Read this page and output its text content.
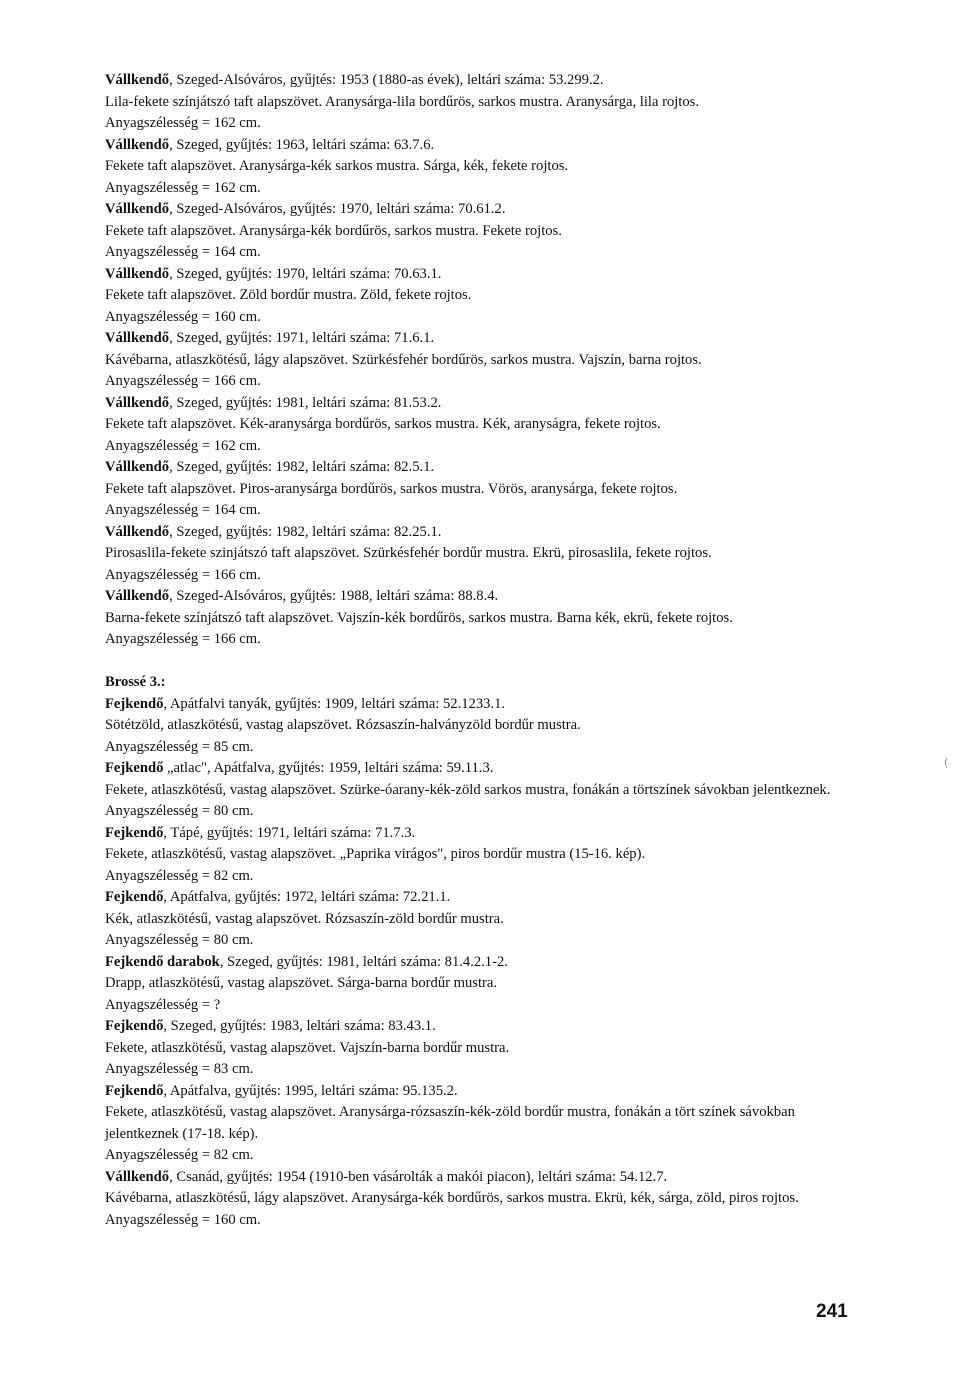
Vállkendő, Szeged-Alsóváros, gyűjtés: 1953 (1880-as évek), leltári száma: 53.299.2.

Lila-fekete színjátszó taft alapszövet. Aranysárga-lila bordűrös, sarkos mustra. Aranysárga, lila rojtos.

Anyagszélesség = 162 cm.

Vállkendő, Szeged, gyűjtés: 1963, leltári száma: 63.7.6.

Fekete taft alapszövet. Aranysárga-kék sarkos mustra. Sárga, kék, fekete rojtos.

Anyagszélesség = 162 cm.

Vállkendő, Szeged-Alsóváros, gyűjtés: 1970, leltári száma: 70.61.2.

Fekete taft alapszövet. Aranysárga-kék bordűrös, sarkos mustra. Fekete rojtos.

Anyagszélesség = 164 cm.

Vállkendő, Szeged, gyűjtés: 1970, leltári száma: 70.63.1.

Fekete taft alapszövet. Zöld bordűr mustra. Zöld, fekete rojtos.

Anyagszélesség = 160 cm.

Vállkendő, Szeged, gyűjtés: 1971, leltári száma: 71.6.1.

Kávébarna, atlaszkötésű, lágy alapszövet. Szürkésfehér bordűrös, sarkos mustra. Vajszín, barna rojtos.

Anyagszélesség = 166 cm.

Vállkendő, Szeged, gyűjtés: 1981, leltári száma: 81.53.2.

Fekete taft alapszövet. Kék-aranysárga bordűrös, sarkos mustra. Kék, aranyságra, fekete rojtos.

Anyagszélesség = 162 cm.

Vállkendő, Szeged, gyűjtés: 1982, leltári száma: 82.5.1.

Fekete taft alapszövet. Piros-aranysárga bordűrös, sarkos mustra. Vörös, aranysárga, fekete rojtos.

Anyagszélesség = 164 cm.

Vállkendő, Szeged, gyűjtés: 1982, leltári száma: 82.25.1.

Pirosaslila-fekete szinjátszó taft alapszövet. Szürkésfehér bordűr mustra. Ekrü, pirosaslila, fekete rojtos.

Anyagszélesség = 166 cm.

Vállkendő, Szeged-Alsóváros, gyűjtés: 1988, leltári száma: 88.8.4.

Barna-fekete színjátszó taft alapszövet. Vajszín-kék bordűrös, sarkos mustra. Barna kék, ekrü, fekete rojtos.

Anyagszélesség = 166 cm.

Brossé 3.:

Fejkendő, Apátfalvi tanyák, gyűjtés: 1909, leltári száma: 52.1233.1.

Sötétzöld, atlaszkötésű, vastag alapszövet. Rózsaszín-halványzöld bordűr mustra.

Anyagszélesség = 85 cm.

Fejkendő „atlac", Apátfalva, gyűjtés: 1959, leltári száma: 59.11.3.

Fekete, atlaszkötésű, vastag alapszövet. Szürke-óarany-kék-zöld sarkos mustra, fonákán a törtszínek sávokban jelentkeznek.

Anyagszélesség = 80 cm.

Fejkendő, Tápé, gyűjtés: 1971, leltári száma: 71.7.3.

Fekete, atlaszkötésű, vastag alapszövet. „Paprika virágos", piros bordűr mustra (15-16. kép).

Anyagszélesség = 82 cm.

Fejkendő, Apátfalva, gyűjtés: 1972, leltári száma: 72.21.1.

Kék, atlaszkötésű, vastag alapszövet. Rózsaszín-zöld bordűr mustra.

Anyagszélesség = 80 cm.

Fejkendő darabok, Szeged, gyűjtés: 1981, leltári száma: 81.4.2.1-2.

Drapp, atlaszkötésű, vastag alapszövet. Sárga-barna bordűr mustra.

Anyagszélesség = ?

Fejkendő, Szeged, gyűjtés: 1983, leltári száma: 83.43.1.

Fekete, atlaszkötésű, vastag alapszövet. Vajszín-barna bordűr mustra.

Anyagszélesség = 83 cm.

Fejkendő, Apátfalva, gyűjtés: 1995, leltári száma: 95.135.2.

Fekete, atlaszkötésű, vastag alapszövet. Aranysárga-rózsaszín-kék-zöld bordűr mustra, fonákán a tört színek sávokban jelentkeznek (17-18. kép).

Anyagszélesség = 82 cm.

Vállkendő, Csanád, gyűjtés: 1954 (1910-ben vásárolták a makói piacon), leltári száma: 54.12.7.

Kávébarna, atlaszkötésű, lágy alapszövet. Aranysárga-kék bordűrös, sarkos mustra. Ekrü, kék, sárga, zöld, piros rojtos.

Anyagszélesség = 160 cm.

241
(
